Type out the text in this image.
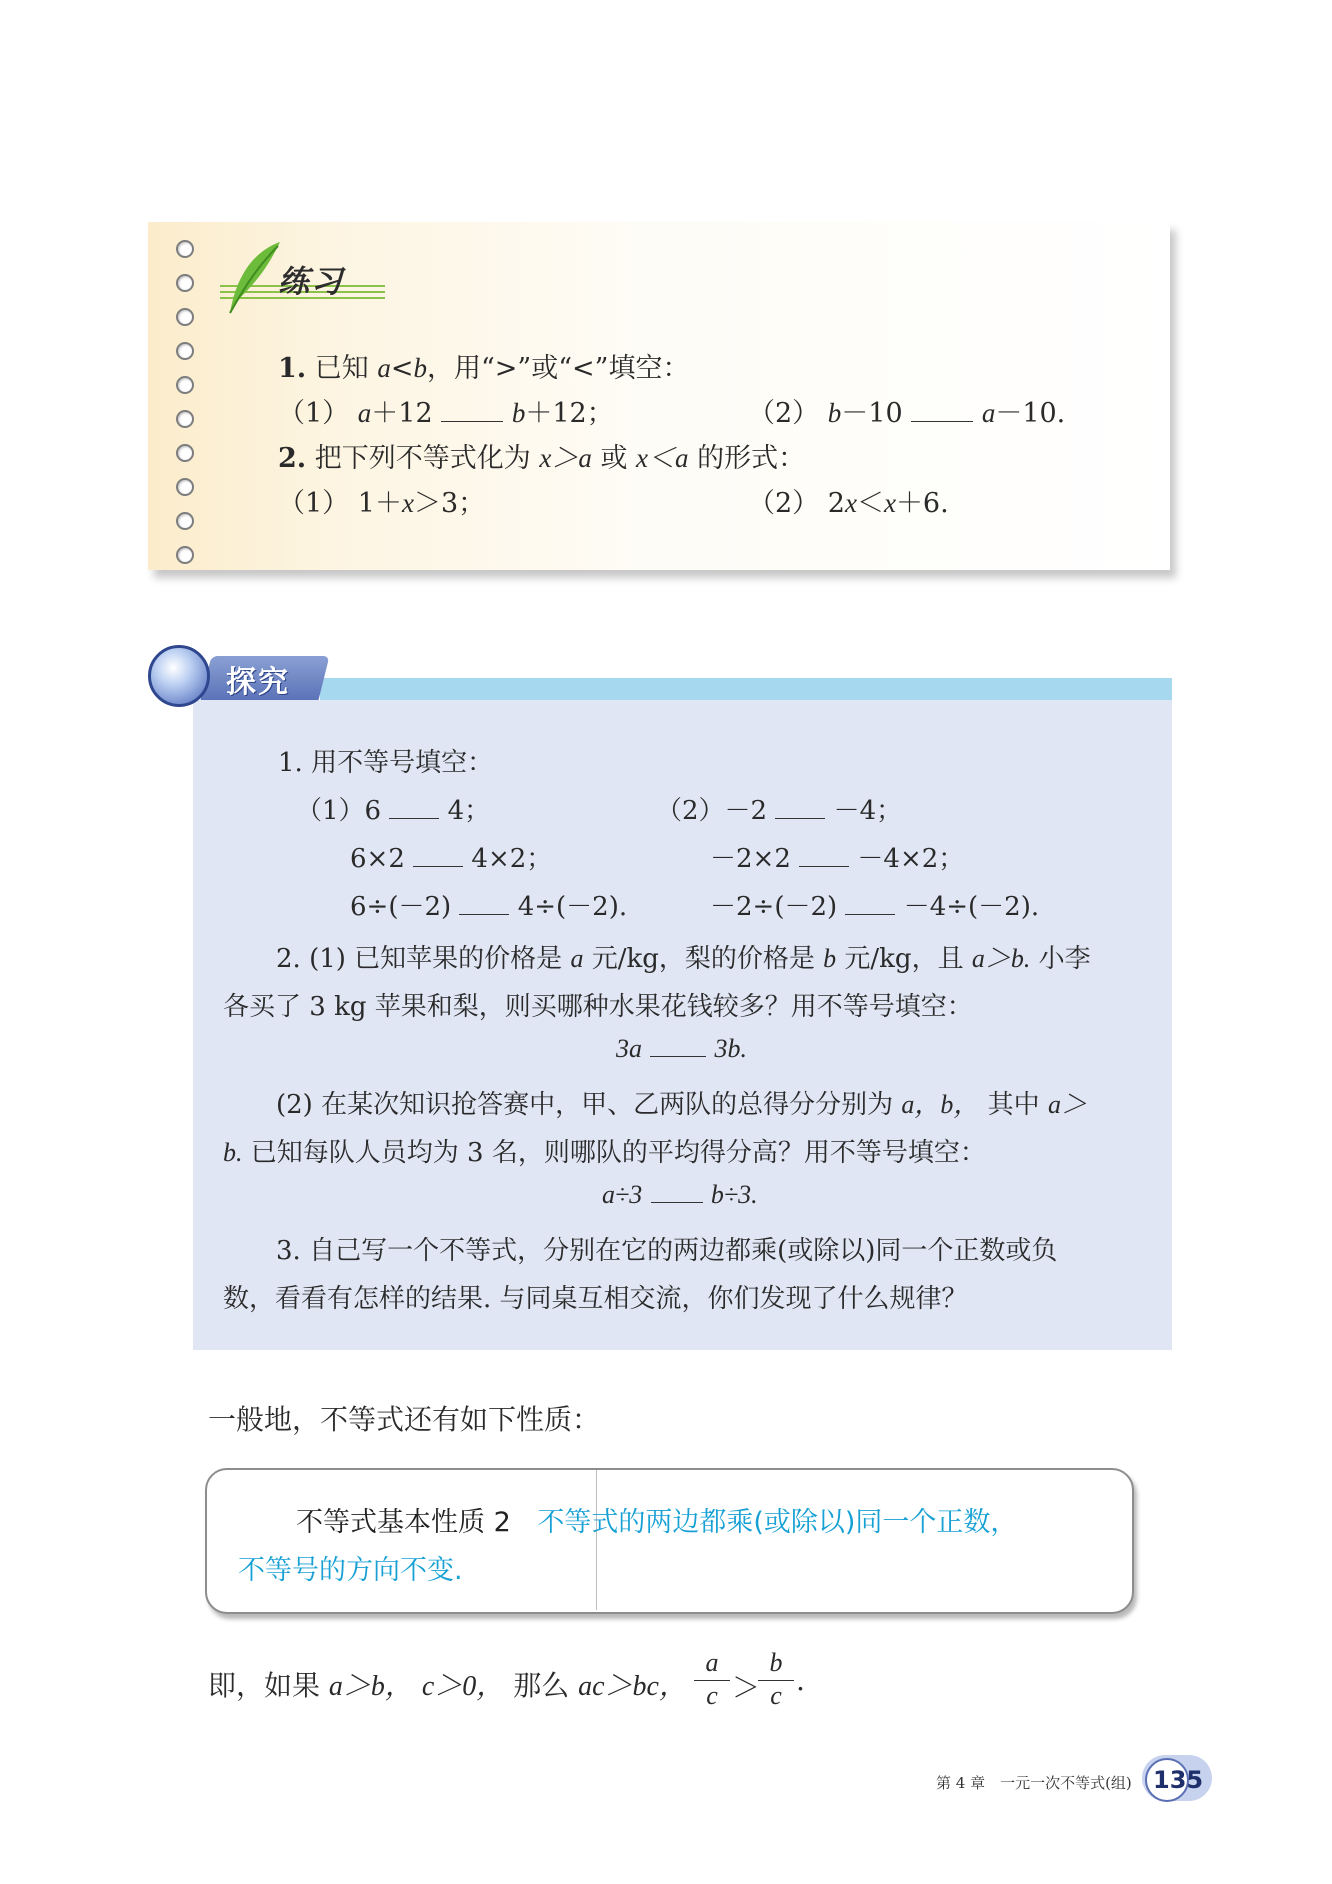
练习
1. 已知 a<b，用“>”或“<”填空：
（1） a＋12	b＋12；	（2） b－10	a－10.
2. 把下列不等式化为 x＞a 或 x＜a 的形式：
（1） 1＋x＞3；	（2） 2x＜x＋6.
探究
1. 用不等号填空：
（1）6	4；	（2）－2	－4；
6×2	4×2；	－2×2	－4×2；
6÷(－2)	4÷(－2).	－2÷(－2)	－4÷(－2).
2. (1) 已知苹果的价格是 a 元/kg，梨的价格是 b 元/kg，且 a＞b. 小李
各买了 3 kg 苹果和梨，则买哪种水果花钱较多？用不等号填空：
3a	3b.
(2) 在某次知识抢答赛中，甲、乙两队的总得分分别为 a，b， 其中 a＞
b. 已知每队人员均为 3 名，则哪队的平均得分高？用不等号填空：
a÷3	b÷3.
3. 自己写一个不等式，分别在它的两边都乘(或除以)同一个正数或负
数，看看有怎样的结果. 与同桌互相交流，你们发现了什么规律？
一般地，不等式还有如下性质：
不等式基本性质 2 不等式的两边都乘(或除以)同一个正数，
不等号的方向不变.
即，如果 a＞b， c＞0， 那么 ac＞bc，
a
c ＞
b
c .
第 4 章　一元一次不等式(组) 135
